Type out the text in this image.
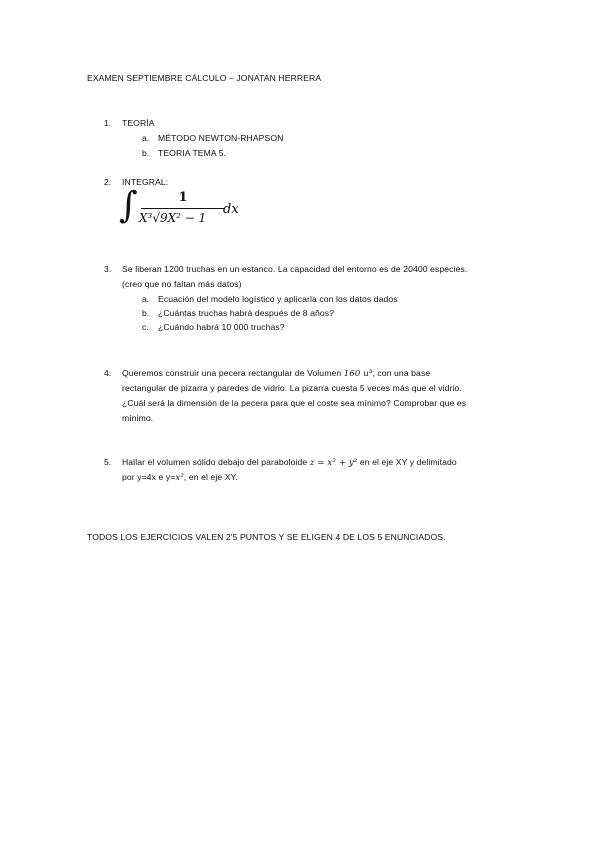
EXAMEN SEPTIEMBRE CÁLCULO – JONATAN HERRERA
1. TEORÍA
a. MÉTODO NEWTON-RHAPSON
b. TEORIA TEMA 5.
2. INTEGRAL:
∫	1
X³√9X² − 1
dx
3. Se liberan 1200 truchas en un estanco. La capacidad del entorno es de 20400 especies.
(creo que no faltan más datos)
a. Ecuación del modelo logístico y aplicarla con los datos dados
b. ¿Cuántas truchas habrá después de 8 años?
c. ¿Cuándo habrá 10 000 truchas?
4. Queremos construir una pecera rectangular de Volumen 160 u³, con una base
rectangular de pizarra y paredes de vidrio. La pizarra cuesta 5 veces más que el vidrio.
¿Cuál será la dimensión de la pecera para que el coste sea mínimo? Comprobar que es
mínimo.
5. Hallar el volumen sólido debajo del paraboloide z = x² + y² en el eje XY y delimitado
por y=4x e y=x², en el eje XY.
TODOS LOS EJERCICIOS VALEN 2'5 PUNTOS Y SE ELIGEN 4 DE LOS 5 ENUNCIADOS.
